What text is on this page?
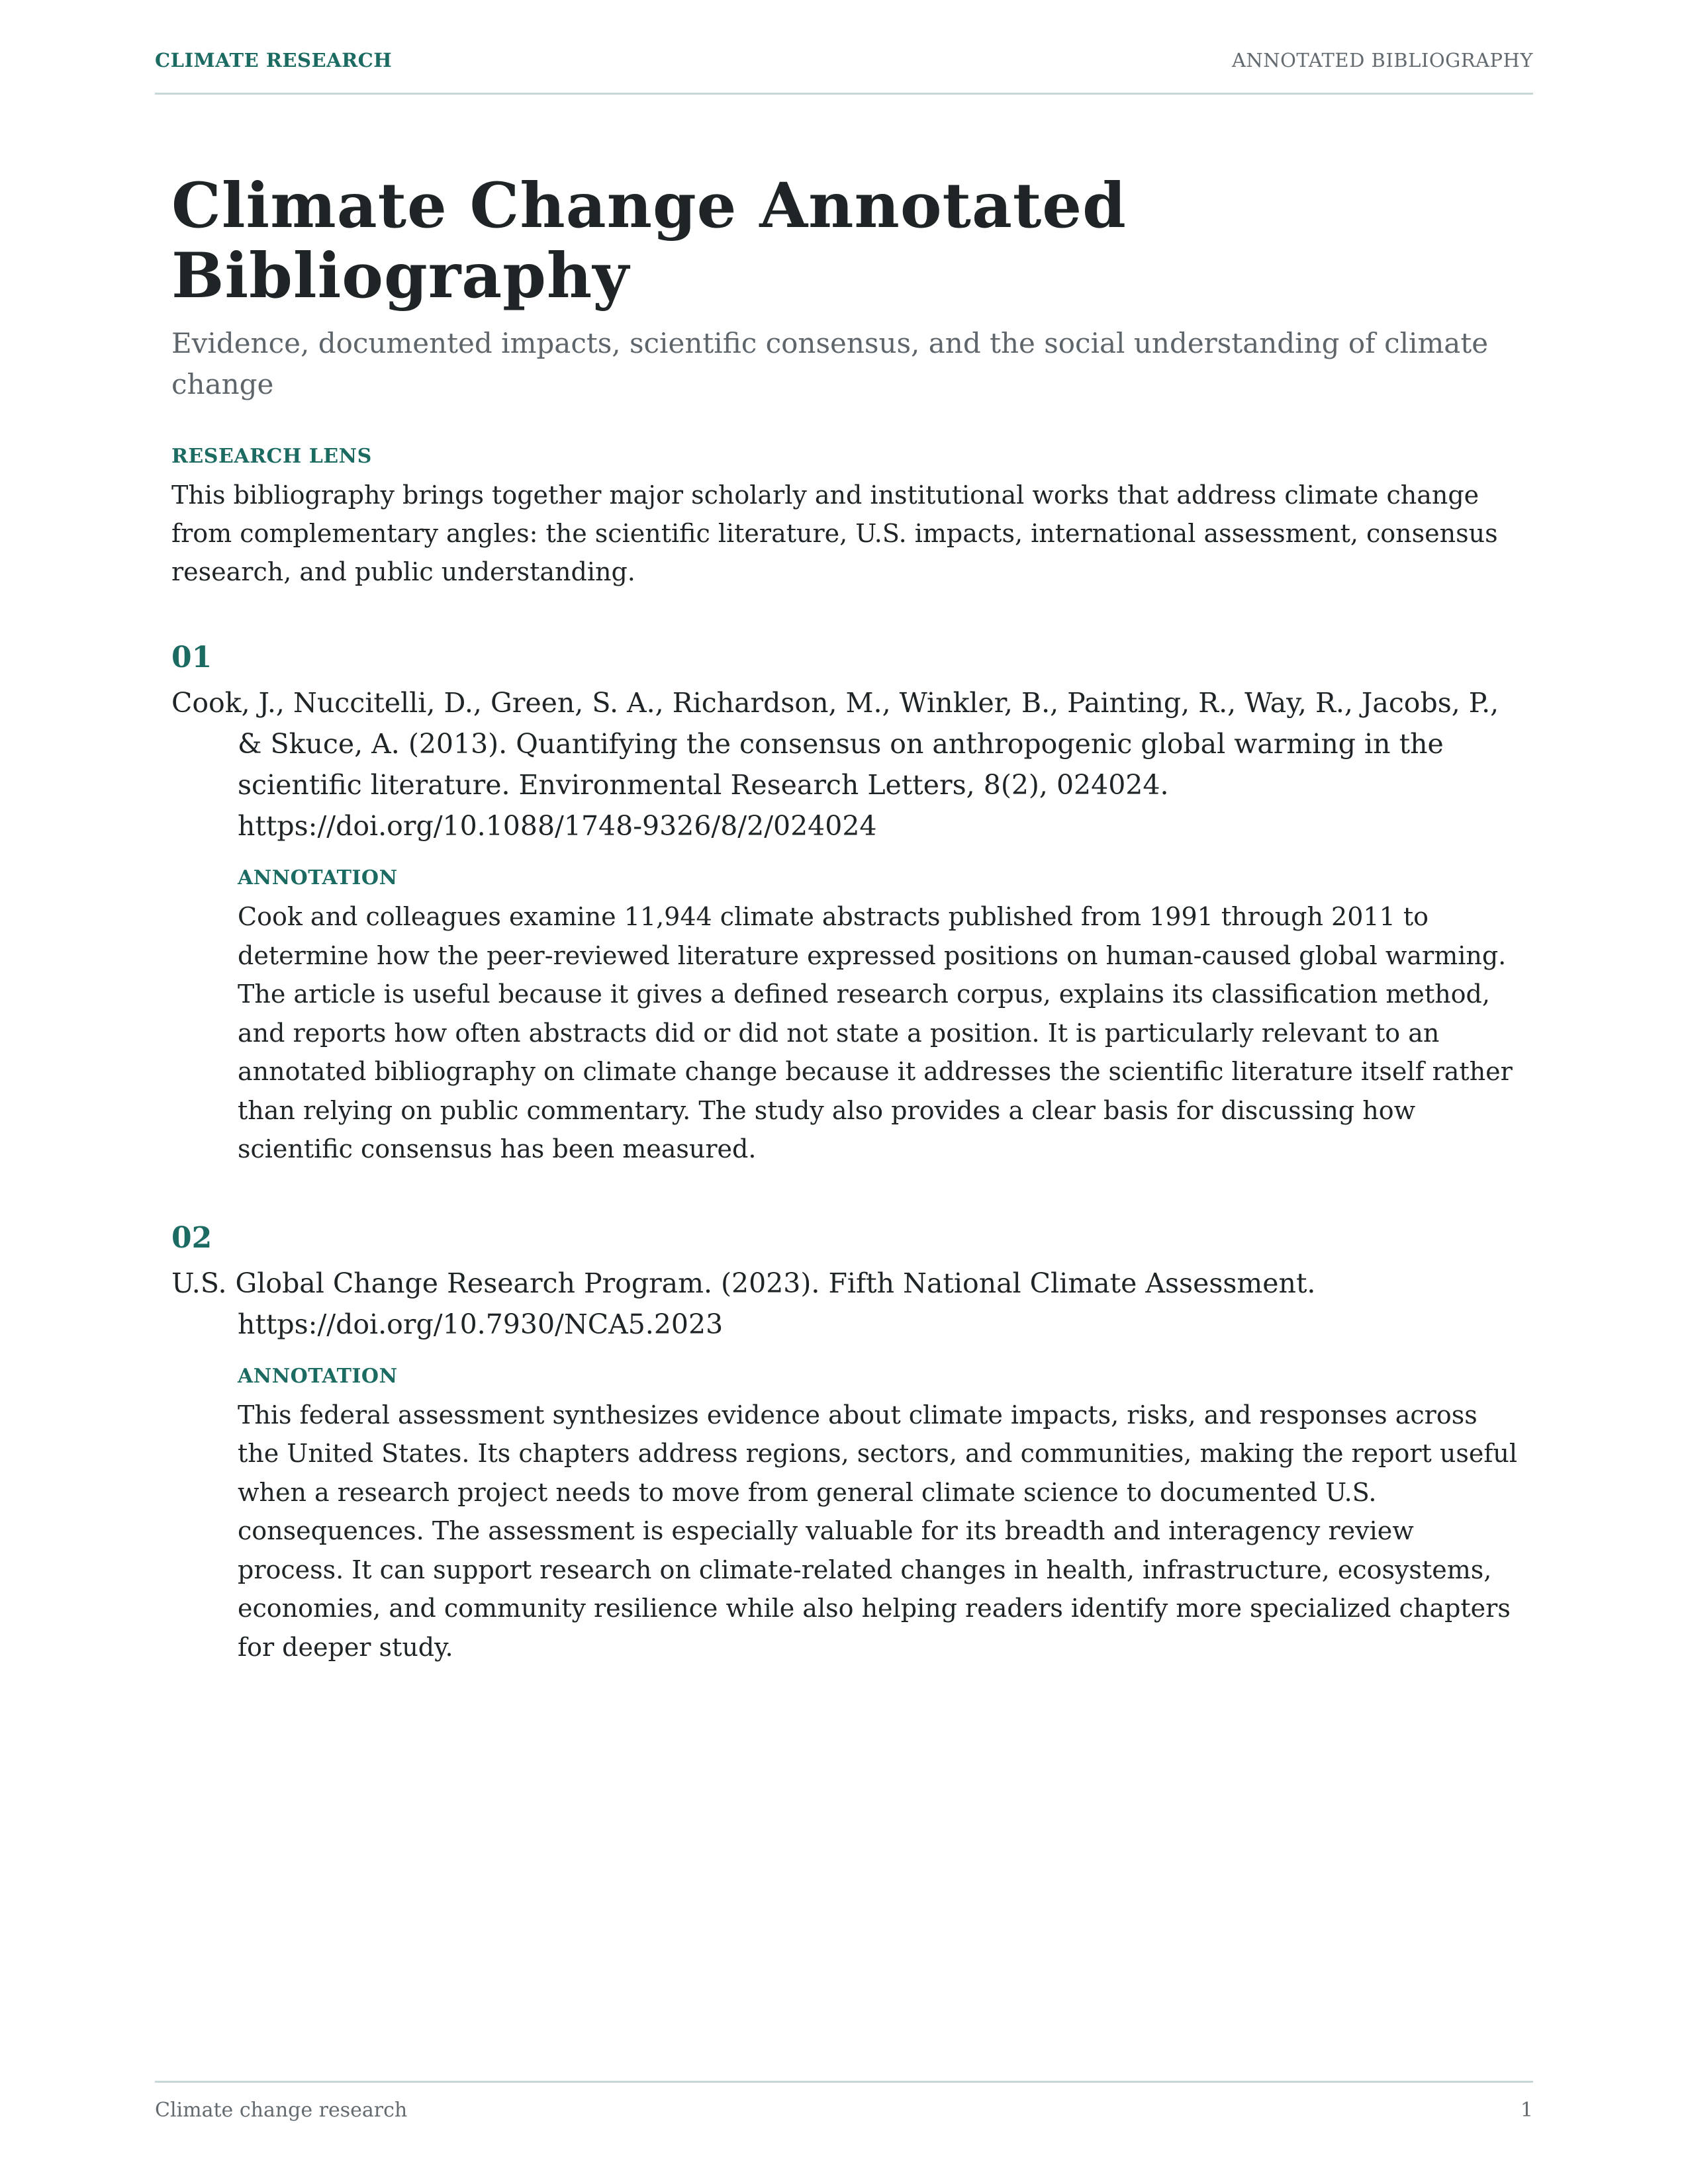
CLIMATE RESEARCH	ANNOTATED BIBLIOGRAPHY
Climate Change Annotated Bibliography

Evidence, documented impacts, scientific consensus, and the social understanding of climate change

RESEARCH LENS

This bibliography brings together major scholarly and institutional works that address climate change from complementary angles: the scientific literature, U.S. impacts, international assessment, consensus research, and public understanding.

01

Cook, J., Nuccitelli, D., Green, S. A., Richardson, M., Winkler, B., Painting, R., Way, R., Jacobs, P., & Skuce, A. (2013). Quantifying the consensus on anthropogenic global warming in the scientific literature. Environmental Research Letters, 8(2), 024024. https://doi.org/10.1088/1748-9326/8/2/024024

ANNOTATION

Cook and colleagues examine 11,944 climate abstracts published from 1991 through 2011 to determine how the peer-reviewed literature expressed positions on human-caused global warming. The article is useful because it gives a defined research corpus, explains its classification method, and reports how often abstracts did or did not state a position. It is particularly relevant to an annotated bibliography on climate change because it addresses the scientific literature itself rather than relying on public commentary. The study also provides a clear basis for discussing how scientific consensus has been measured.

02

U.S. Global Change Research Program. (2023). Fifth National Climate Assessment. https://doi.org/10.7930/NCA5.2023

ANNOTATION

This federal assessment synthesizes evidence about climate impacts, risks, and responses across the United States. Its chapters address regions, sectors, and communities, making the report useful when a research project needs to move from general climate science to documented U.S. consequences. The assessment is especially valuable for its breadth and interagency review process. It can support research on climate-related changes in health, infrastructure, ecosystems, economies, and community resilience while also helping readers identify more specialized chapters for deeper study.

Climate change research	1
